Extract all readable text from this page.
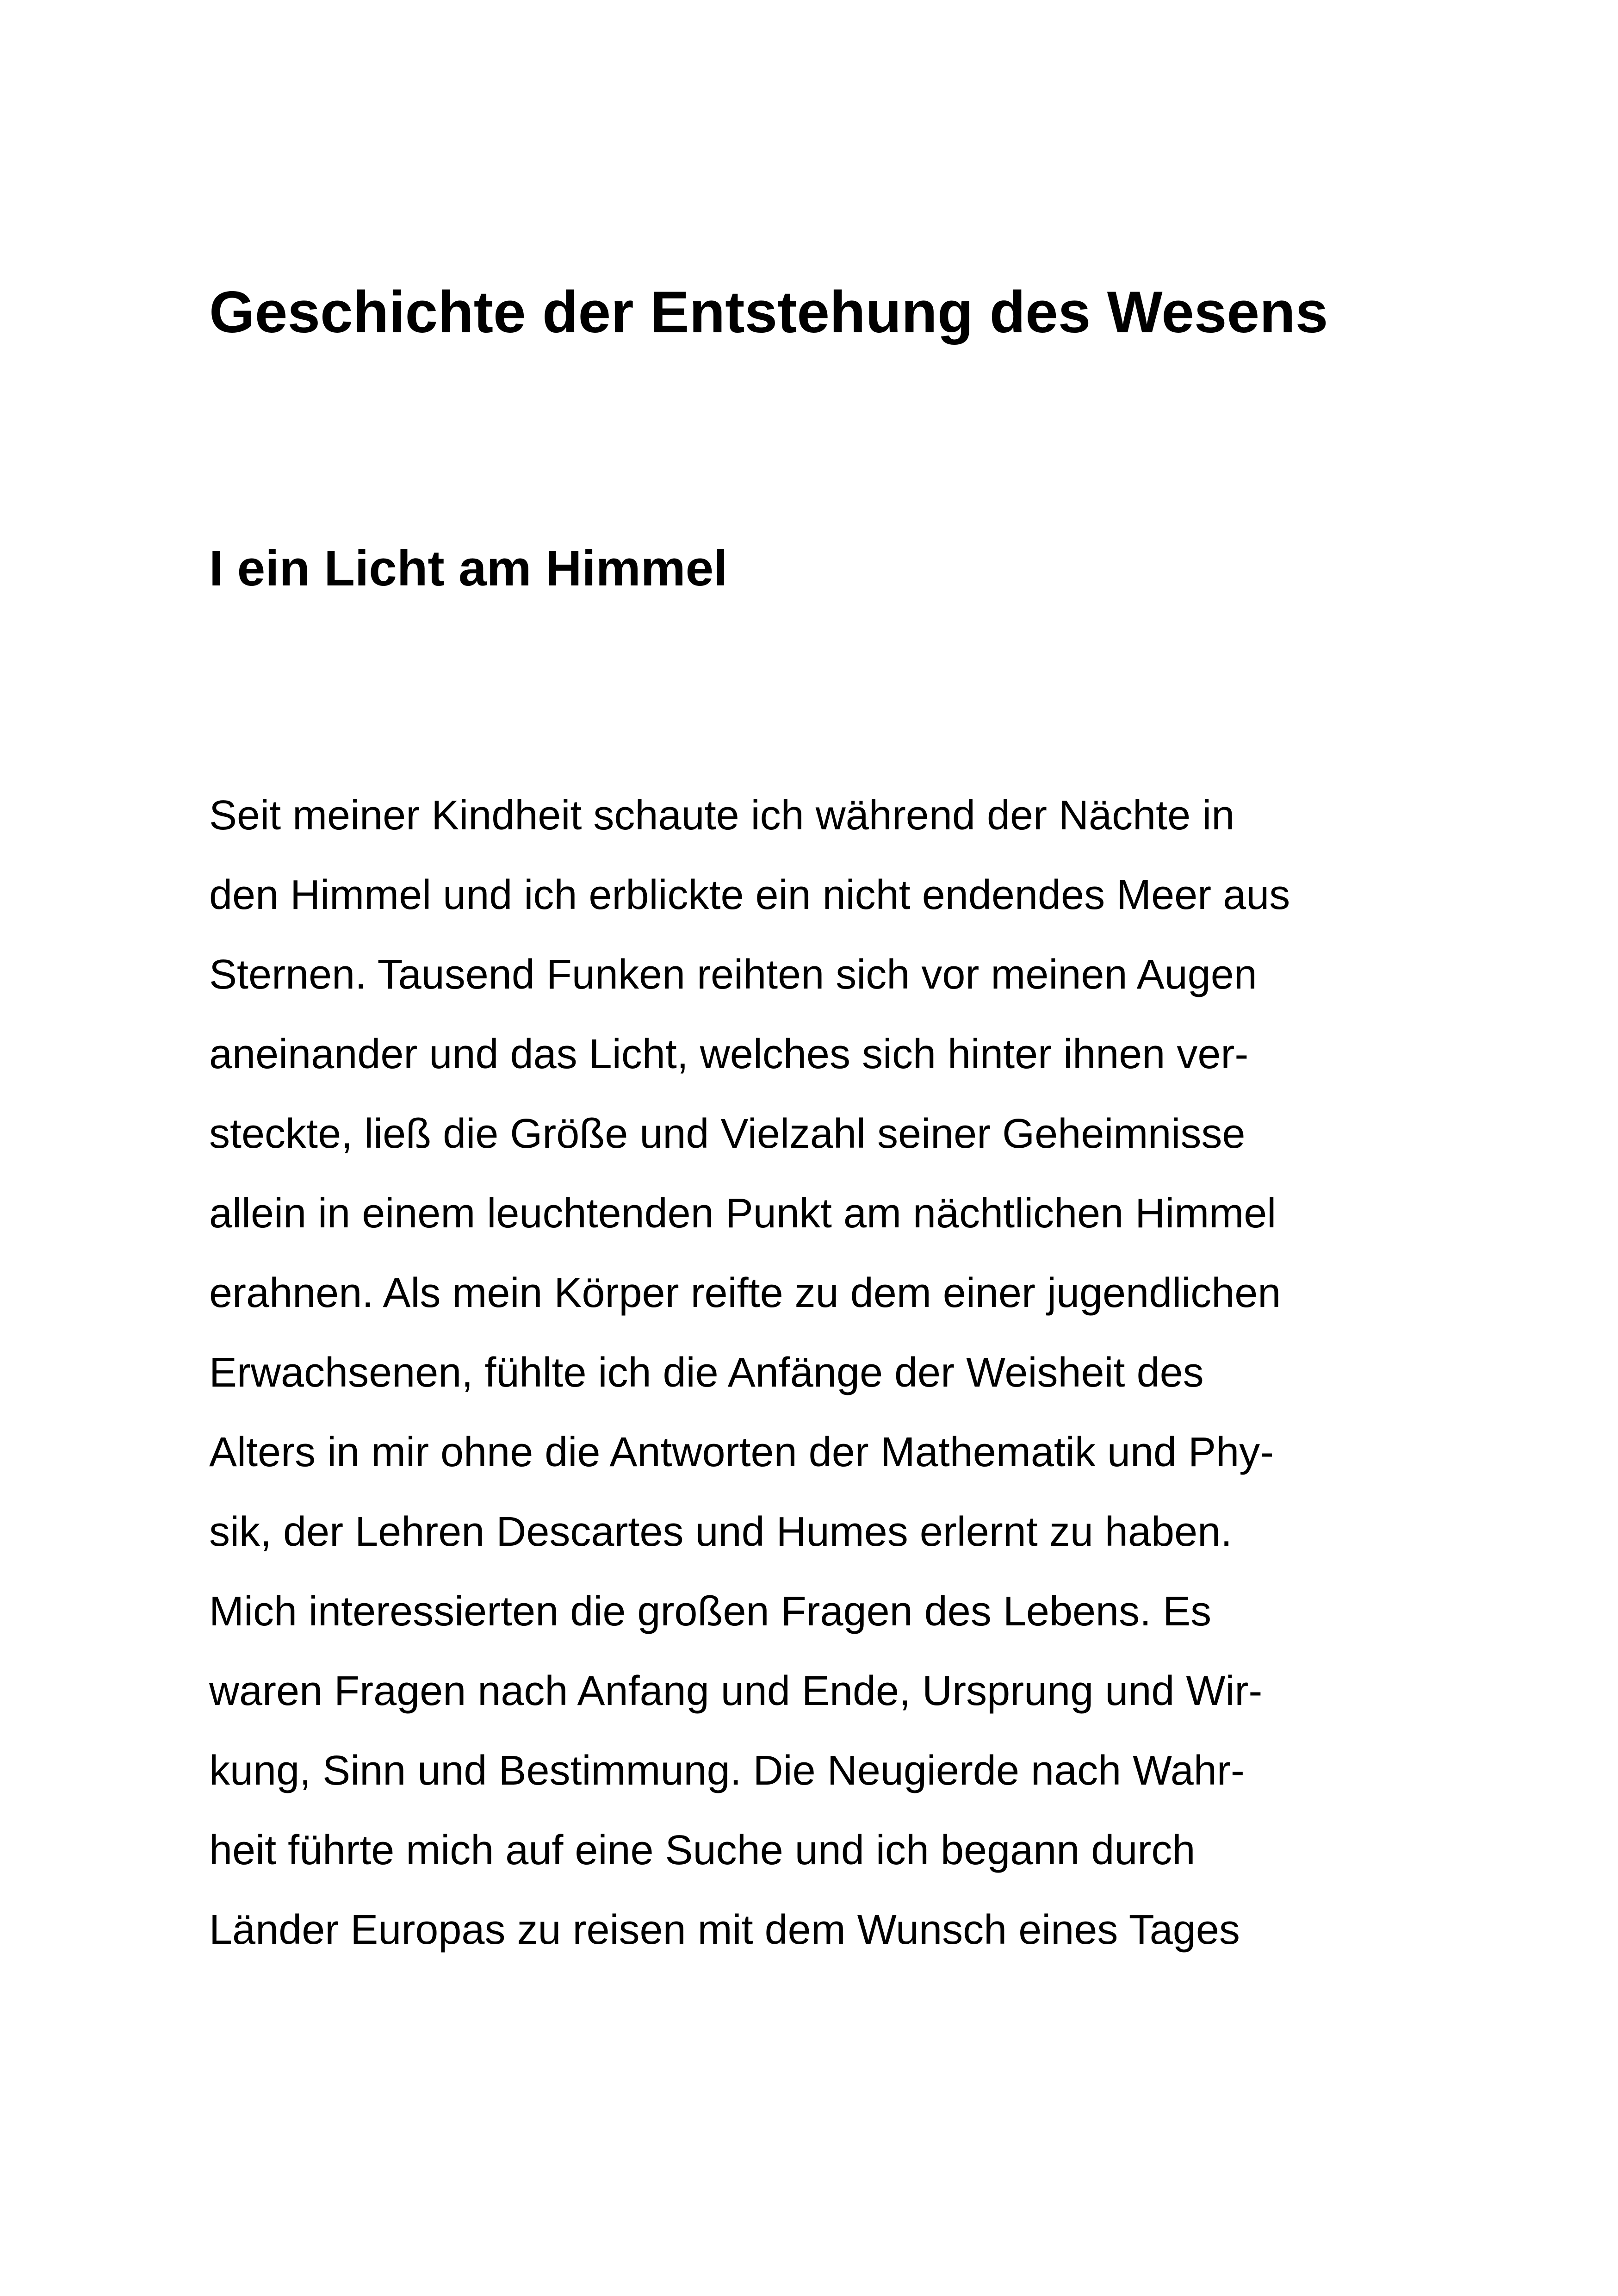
Geschichte der Entstehung des Wesens
I ein Licht am Himmel
Seit meiner Kindheit schaute ich während der Nächte in
den Himmel und ich erblickte ein nicht endendes Meer aus
Sternen. Tausend Funken reihten sich vor meinen Augen
aneinander und das Licht, welches sich hinter ihnen ver-
steckte, ließ die Größe und Vielzahl seiner Geheimnisse
allein in einem leuchtenden Punkt am nächtlichen Himmel
erahnen. Als mein Körper reifte zu dem einer jugendlichen
Erwachsenen, fühlte ich die Anfänge der Weisheit des
Alters in mir ohne die Antworten der Mathematik und Phy-
sik, der Lehren Descartes und Humes erlernt zu haben.
Mich interessierten die großen Fragen des Lebens. Es
waren Fragen nach Anfang und Ende, Ursprung und Wir-
kung, Sinn und Bestimmung. Die Neugierde nach Wahr-
heit führte mich auf eine Suche und ich begann durch
Länder Europas zu reisen mit dem Wunsch eines Tages
